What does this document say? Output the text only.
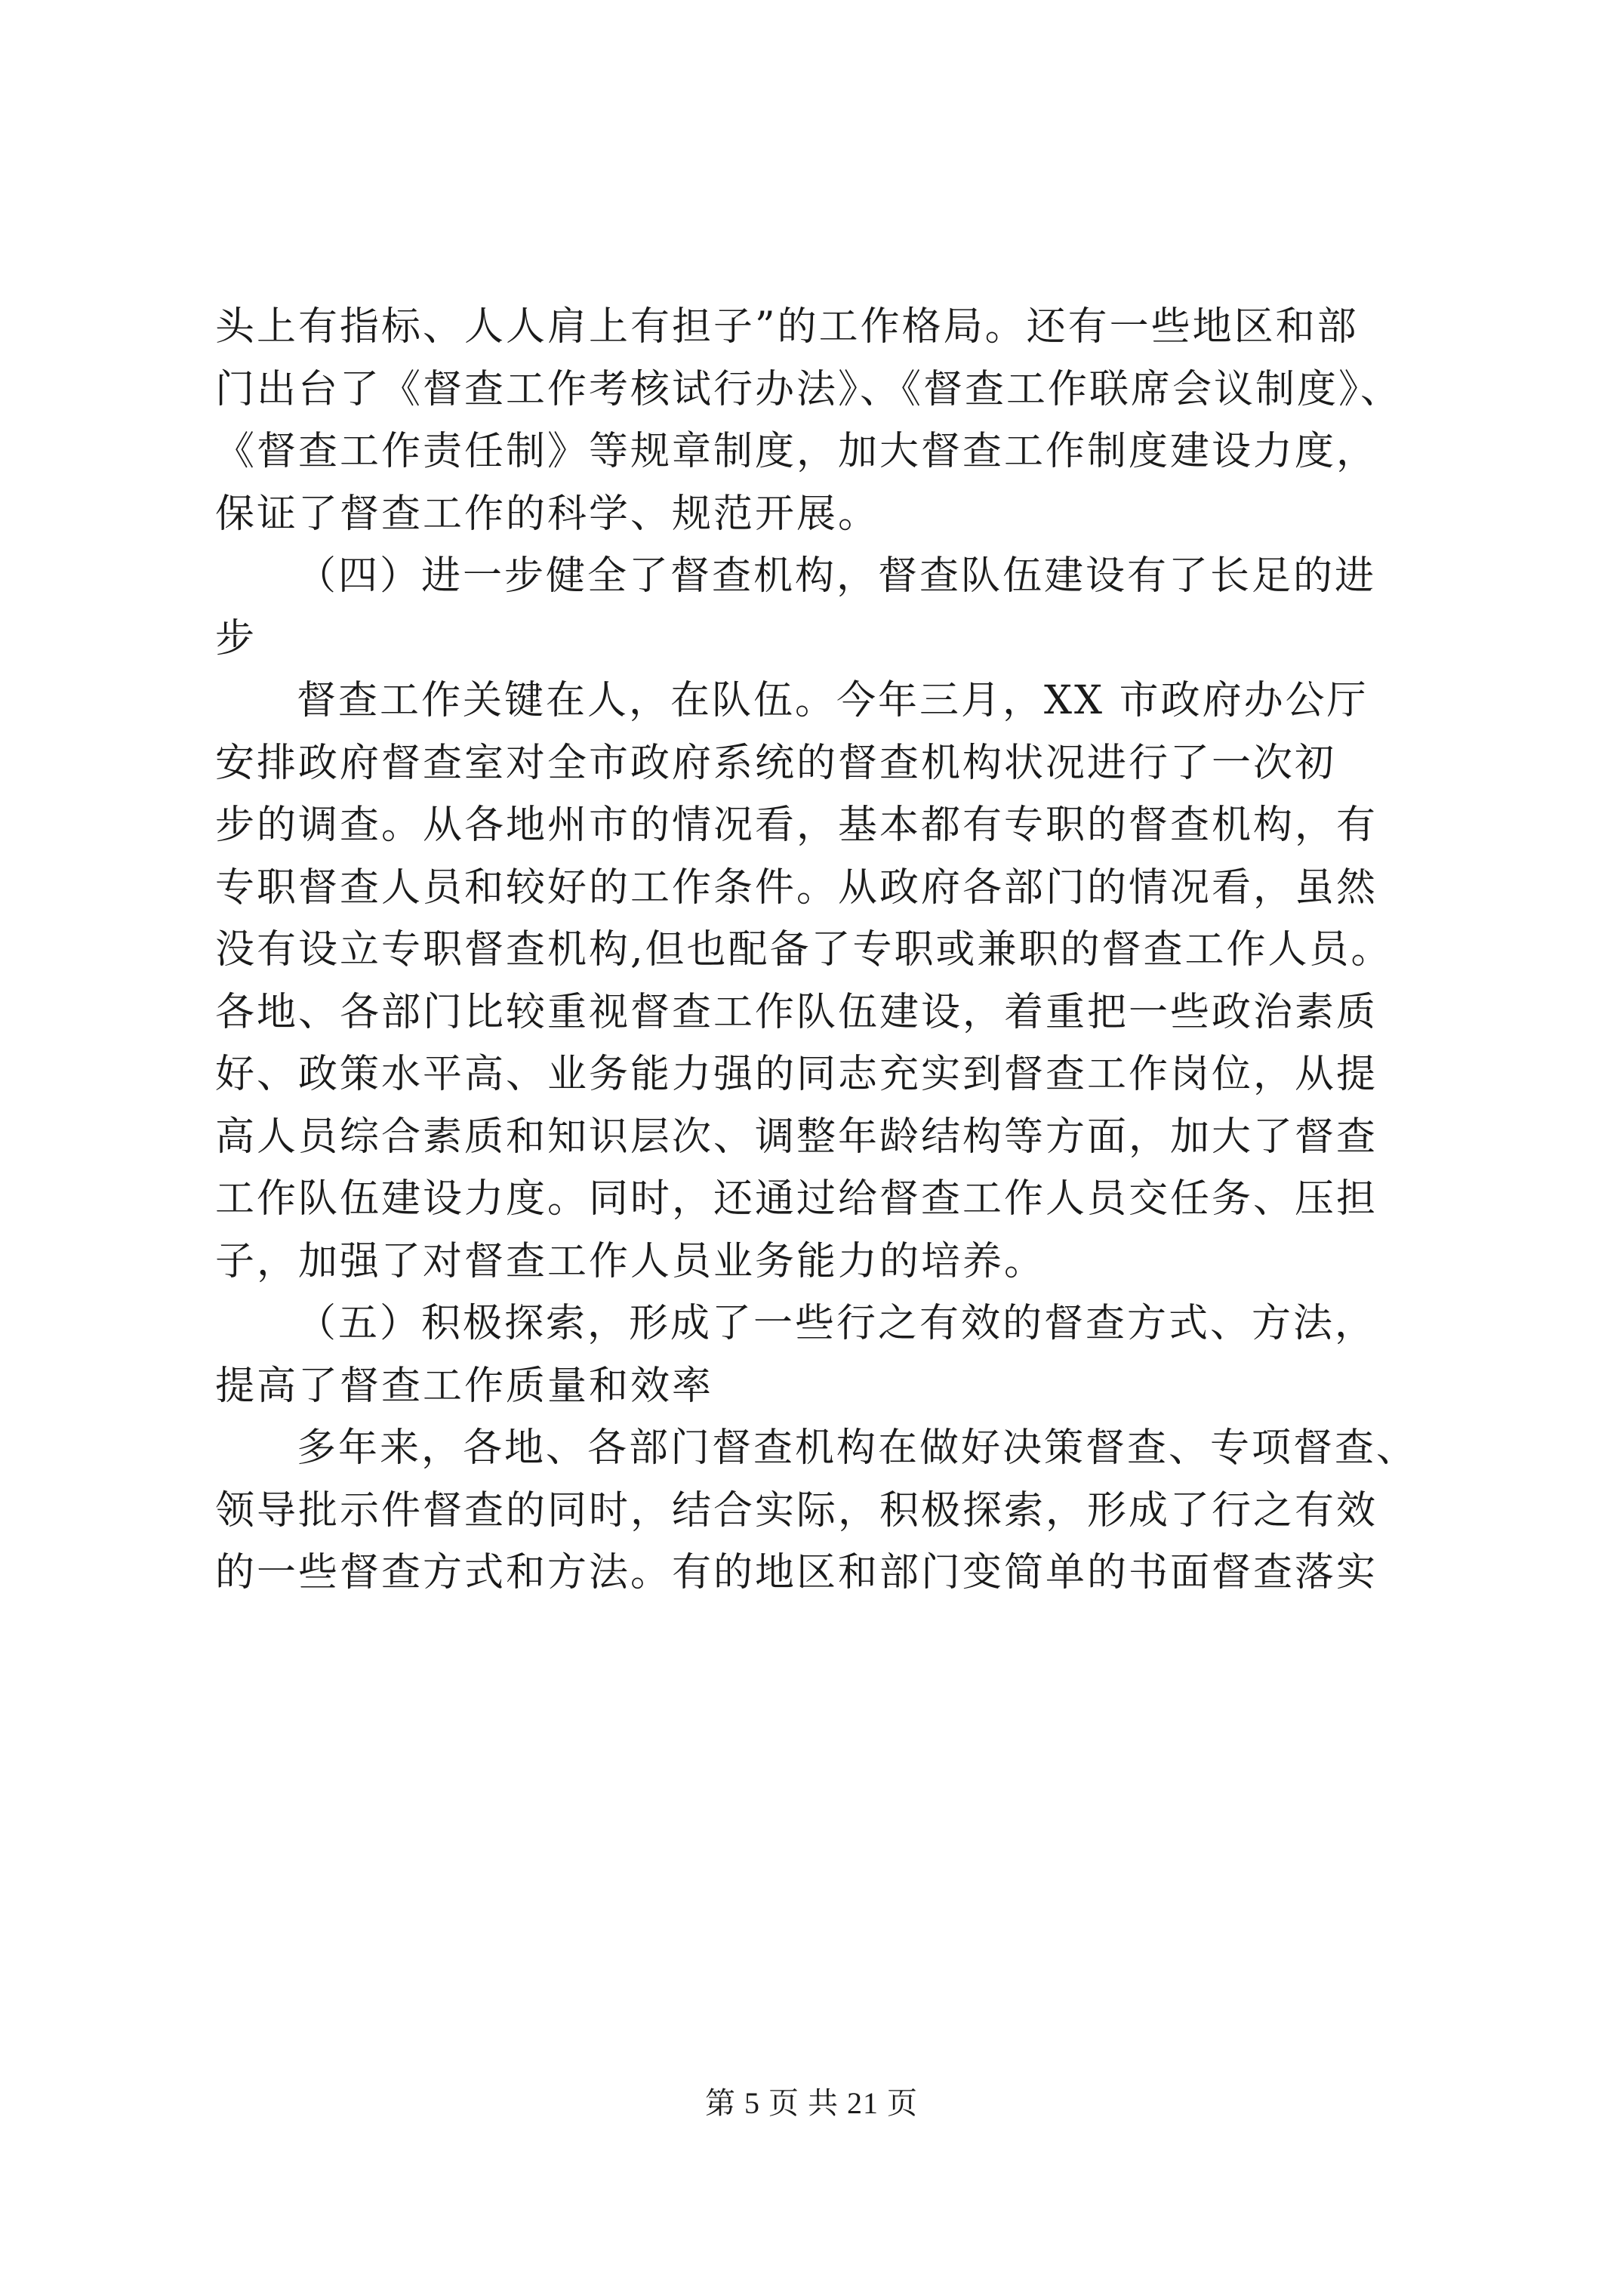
头上有指标、人人肩上有担子”的工作格局。还有一些地区和部
门出台了《督查工作考核试行办法》、《督查工作联席会议制度》、
《督查工作责任制》等规章制度，加大督查工作制度建设力度，
保证了督查工作的科学、规范开展。
（四）进一步健全了督查机构，督查队伍建设有了长足的进
步
督查工作关键在人，在队伍。今年三月，XX 市政府办公厅
安排政府督查室对全市政府系统的督查机构状况进行了一次初
步的调查。从各地州市的情况看，基本都有专职的督查机构，有
专职督查人员和较好的工作条件。从政府各部门的情况看，虽然
没有设立专职督查机构,但也配备了专职或兼职的督查工作人员。
各地、各部门比较重视督查工作队伍建设，着重把一些政治素质
好、政策水平高、业务能力强的同志充实到督查工作岗位，从提
高人员综合素质和知识层次、调整年龄结构等方面，加大了督查
工作队伍建设力度。同时，还通过给督查工作人员交任务、压担
子，加强了对督查工作人员业务能力的培养。
（五）积极探索，形成了一些行之有效的督查方式、方法，
提高了督查工作质量和效率
多年来，各地、各部门督查机构在做好决策督查、专项督查、
领导批示件督查的同时，结合实际，积极探索，形成了行之有效
的一些督查方式和方法。有的地区和部门变简单的书面督查落实
第 5 页 共 21 页
